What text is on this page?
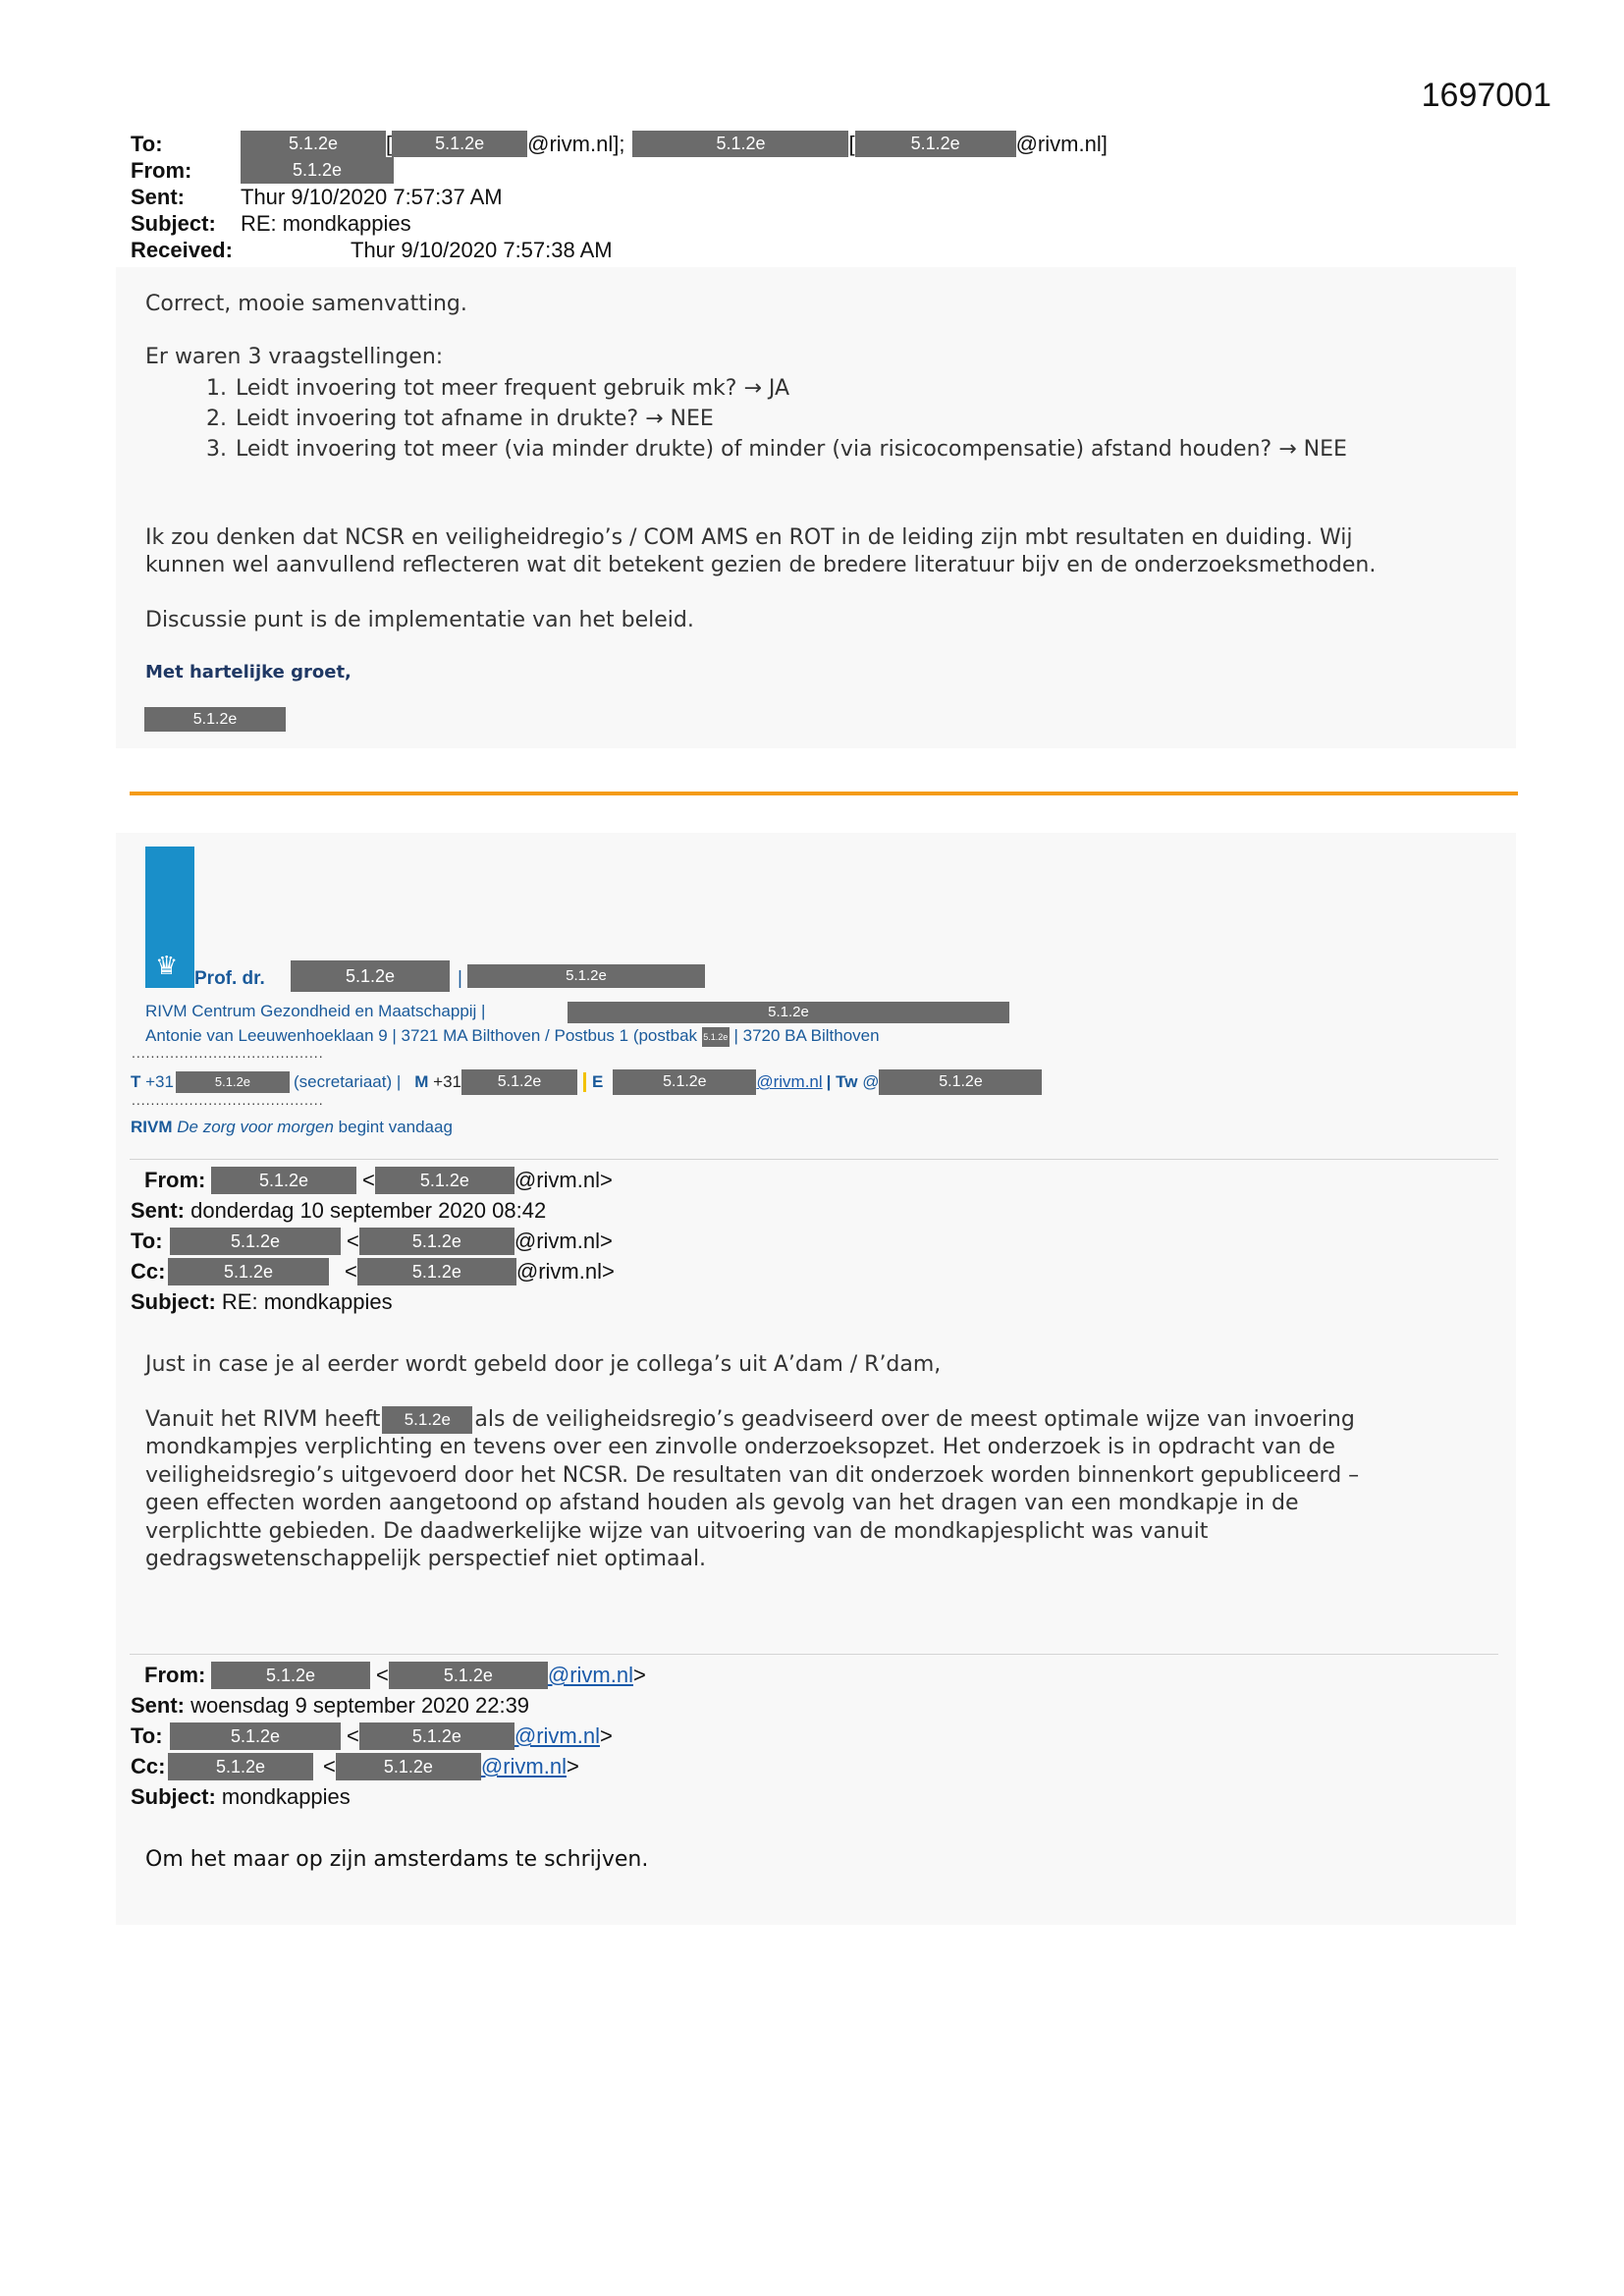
1697001
To:	5.1.2e	[	5.1.2e	@rivm.nl];	5.1.2e	[	5.1.2e	@rivm.nl]
From:	5.1.2e
Sent:	Thur 9/10/2020 7:57:37 AM
Subject:	RE: mondkappies
Received:	Thur 9/10/2020 7:57:38 AM
Correct, mooie samenvatting.
Er waren 3 vraagstellingen:
1. Leidt invoering tot meer frequent gebruik mk? → JA
2. Leidt invoering tot afname in drukte? → NEE
3. Leidt invoering tot meer (via minder drukte) of minder (via risicocompensatie) afstand houden? → NEE
Ik zou denken dat NCSR en veiligheidregio’s / COM AMS en ROT in de leiding zijn mbt resultaten en duiding. Wij
kunnen wel aanvullend reflecteren wat dit betekent gezien de bredere literatuur bijv en de onderzoeksmethoden.
Discussie punt is de implementatie van het beleid.
Met hartelijke groet,
5.1.2e
♛ Prof. dr.	5.1.2e	|	5.1.2e
RIVM Centrum Gezondheid en Maatschappij |	5.1.2e
Antonie van Leeuwenhoeklaan 9 | 3721 MA Bilthoven / Postbus 1 (postbak 5.1.2e | 3720 BA Bilthoven
........................................
T
+31	5.1.2e	(secretariaat) | M
+31	5.1.2e	E	5.1.2e	@rivm.nl | Tw
@	5.1.2e
........................................
RIVM De zorg voor morgen begint vandaag
From:	5.1.2e	<	5.1.2e	@rivm.nl>
Sent: donderdag 10 september 2020 08:42
To:	5.1.2e	<	5.1.2e	@rivm.nl>
Cc:	5.1.2e	<	5.1.2e	@rivm.nl>
Subject: RE: mondkappies
Just in case je al eerder wordt gebeld door je collega’s uit A’dam / R’dam,
Vanuit het RIVM heeft	5.1.2e	als de veiligheidsregio’s geadviseerd over de meest optimale wijze van invoering
mondkampjes verplichting en tevens over een zinvolle onderzoeksopzet. Het onderzoek is in opdracht van de
veiligheidsregio’s uitgevoerd door het NCSR. De resultaten van dit onderzoek worden binnenkort gepubliceerd –
geen effecten worden aangetoond op afstand houden als gevolg van het dragen van een mondkapje in de
verplichtte gebieden. De daadwerkelijke wijze van uitvoering van de mondkapjesplicht was vanuit
gedragswetenschappelijk perspectief niet optimaal.
From:	5.1.2e	<	5.1.2e	@rivm.nl >
Sent: woensdag 9 september 2020 22:39
To:	5.1.2e	<	5.1.2e	@rivm.nl >
Cc:	5.1.2e	<	5.1.2e	@rivm.nl >
Subject: mondkappies
Om het maar op zijn amsterdams te schrijven.
